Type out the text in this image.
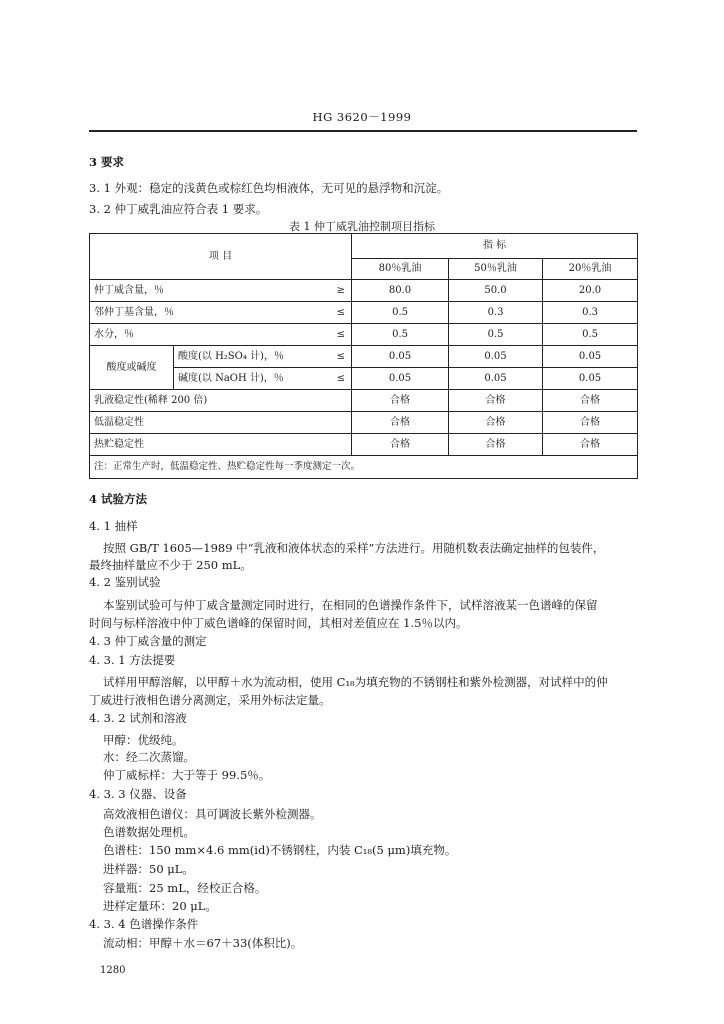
HG 3620－1999
3 要求
3. 1 外观：稳定的浅黄色或棕红色均相液体，无可见的悬浮物和沉淀。
3. 2 仲丁威乳油应符合表 1 要求。
表 1 仲丁威乳油控制项目指标
项 目			指 标		
			80％乳油	50％乳油	20％乳油
仲丁威含量，％		≥	80.0	50.0	20.0
邻仲丁基含量，％		≤	0.5	0.3	0.3
水分，％		≤	0.5	0.5	0.5
酸度或碱度	酸度(以 H₂SO₄ 计)，％	≤	0.05	0.05	0.05
	碱度(以 NaOH 计)，％	≤	0.05	0.05	0.05
乳液稳定性(稀释 200 倍)			合格	合格	合格
低温稳定性			合格	合格	合格
热贮稳定性			合格	合格	合格
注：正常生产时，低温稳定性、热贮稳定性每一季度测定一次。					
4 试验方法
4. 1 抽样
按照 GB/T 1605—1989 中“乳液和液体状态的采样”方法进行。用随机数表法确定抽样的包装件，
最终抽样量应不少于 250 mL。
4. 2 鉴别试验
本鉴别试验可与仲丁威含量测定同时进行，在相同的色谱操作条件下，试样溶液某一色谱峰的保留
时间与标样溶液中仲丁威色谱峰的保留时间，其相对差值应在 1.5％以内。
4. 3 仲丁威含量的测定
4. 3. 1 方法提要
试样用甲醇溶解，以甲醇＋水为流动相，使用 C₁₈为填充物的不锈钢柱和紫外检测器，对试样中的仲
丁威进行液相色谱分离测定，采用外标法定量。
4. 3. 2 试剂和溶液
甲醇：优级纯。
水：经二次蒸馏。
仲丁威标样：大于等于 99.5％。
4. 3. 3 仪器、设备
高效液相色谱仪：具可调波长紫外检测器。
色谱数据处理机。
色谱柱：150 mm×4.6 mm(id)不锈钢柱，内装 C₁₈(5 μm)填充物。
进样器：50 μL。
容量瓶：25 mL，经校正合格。
进样定量环：20 μL。
4. 3. 4 色谱操作条件
流动相：甲醇＋水＝67＋33(体积比)。
1280
